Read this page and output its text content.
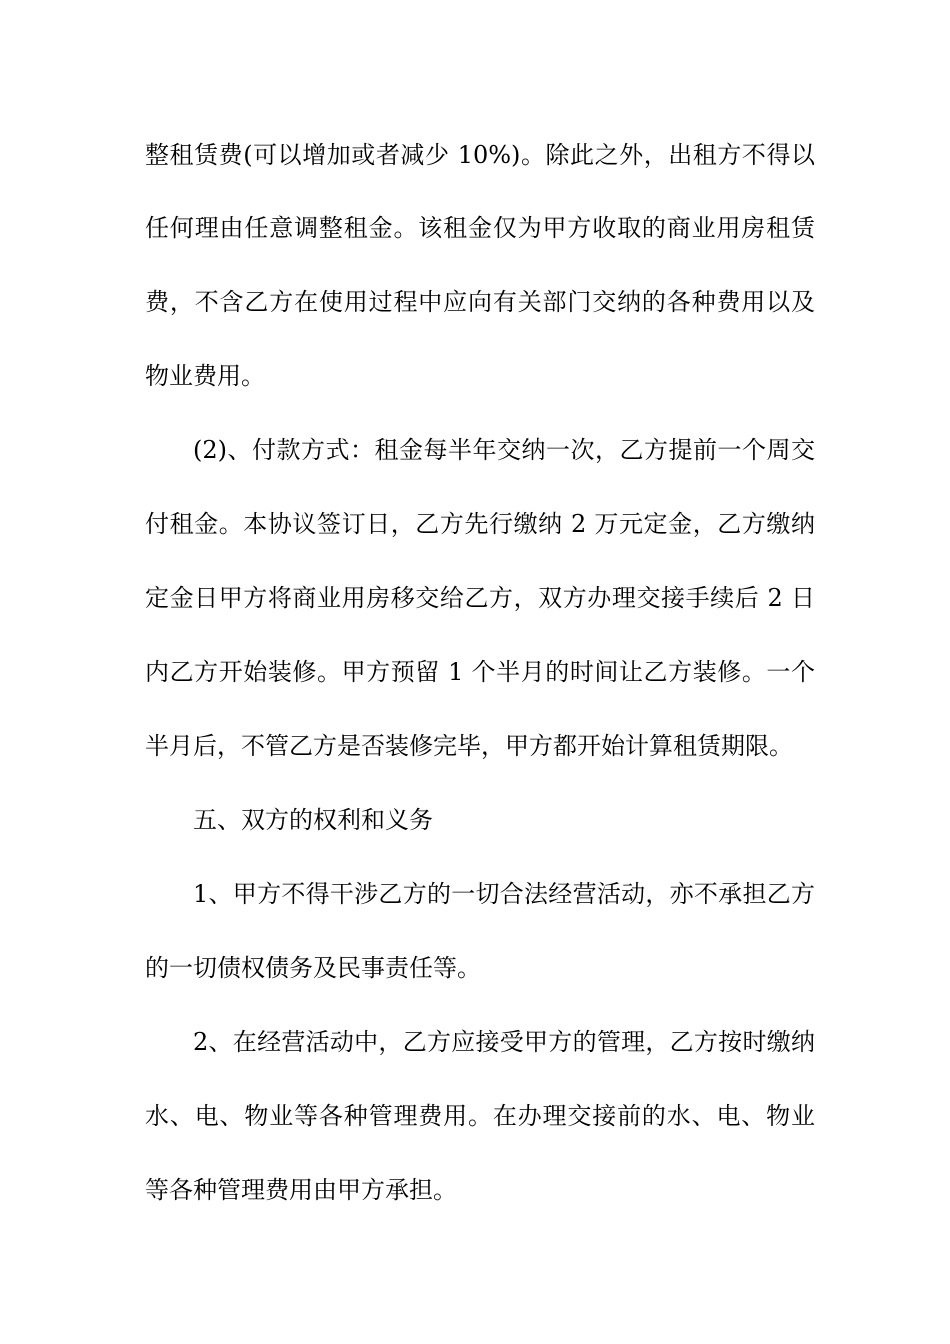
整租赁费(可以增加或者减少 10%)。除此之外，出租方不得以
任何理由任意调整租金。该租金仅为甲方收取的商业用房租赁
费，不含乙方在使用过程中应向有关部门交纳的各种费用以及
物业费用。
(2)、付款方式：租金每半年交纳一次，乙方提前一个周交
付租金。本协议签订日，乙方先行缴纳 2 万元定金，乙方缴纳
定金日甲方将商业用房移交给乙方，双方办理交接手续后 2 日
内乙方开始装修。甲方预留 1 个半月的时间让乙方装修。一个
半月后，不管乙方是否装修完毕，甲方都开始计算租赁期限。
五、双方的权利和义务
1、甲方不得干涉乙方的一切合法经营活动，亦不承担乙方
的一切债权债务及民事责任等。
2、在经营活动中，乙方应接受甲方的管理，乙方按时缴纳
水、电、物业等各种管理费用。在办理交接前的水、电、物业
等各种管理费用由甲方承担。
